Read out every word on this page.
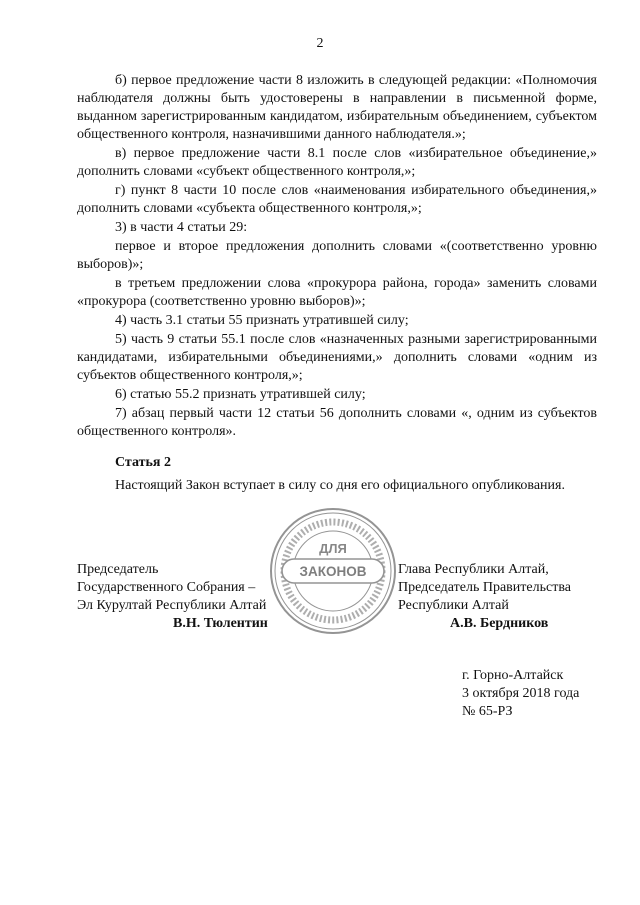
2

б) первое предложение части 8 изложить в следующей редакции: «Полномочия наблюдателя должны быть удостоверены в направлении в письменной форме, выданном зарегистрированным кандидатом, избирательным объединением, субъектом общественного контроля, назначившими данного наблюдателя.»;

в) первое предложение части 8.1 после слов «избирательное объединение,» дополнить словами «субъект общественного контроля,»;

г) пункт 8 части 10 после слов «наименования избирательного объединения,» дополнить словами «субъекта общественного контроля,»;

3) в части 4 статьи 29:

первое и второе предложения дополнить словами «(соответственно уровню выборов)»;

в третьем предложении слова «прокурора района, города» заменить словами «прокурора (соответственно уровню выборов)»;

4) часть 3.1 статьи 55 признать утратившей силу;

5) часть 9 статьи 55.1 после слов «назначенных разными зарегистрированными кандидатами, избирательными объединениями,» дополнить словами «одним из субъектов общественного контроля,»;

6) статью 55.2 признать утратившей силу;

7) абзац первый части 12 статьи 56 дополнить словами «, одним из субъектов общественного контроля».

Статья 2

Настоящий Закон вступает в силу со дня его официального опубликования.

Председатель
Государственного Собрания –
Эл Курултай Республики Алтай
В.Н. Тюлентин
Глава Республики Алтай,
Председатель Правительства
Республики Алтай
А.В. Бердников
ДЛЯ
ЗАКОНОВ
г. Горно-Алтайск
3 октября 2018 года
№ 65-РЗ
